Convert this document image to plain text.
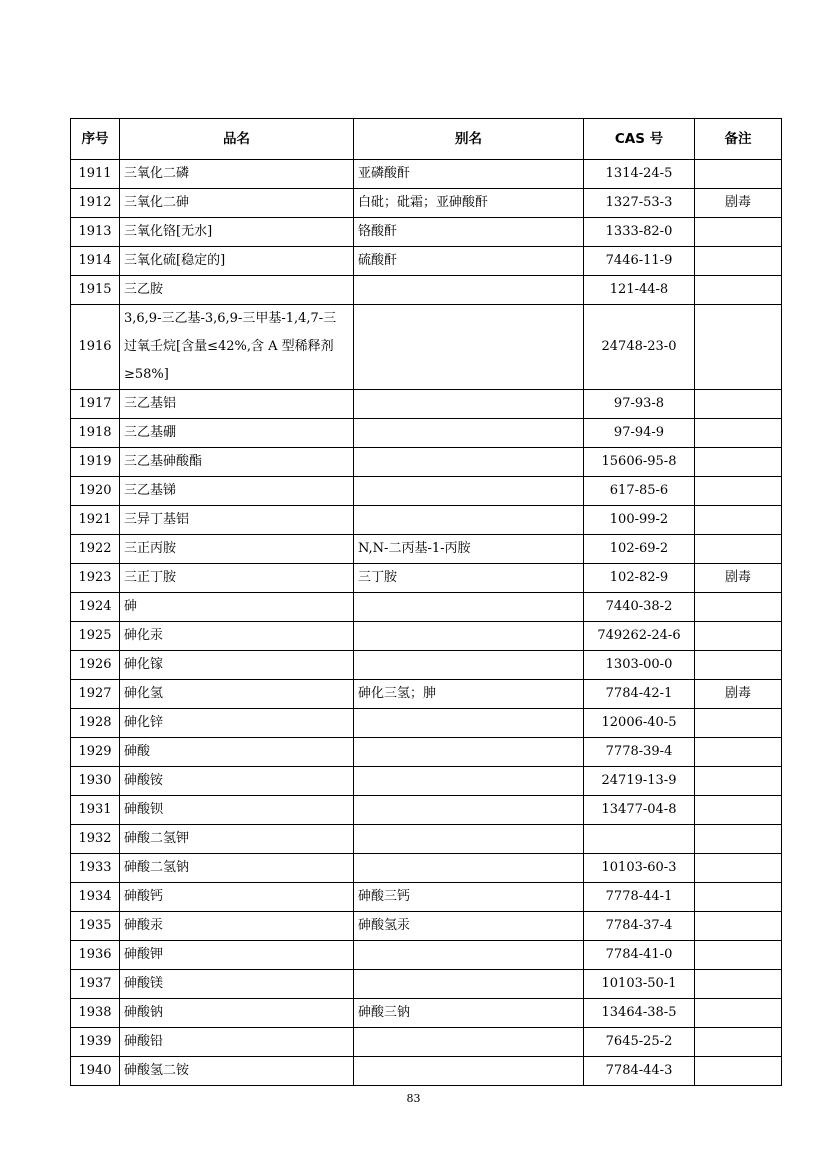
序号	品名	别名	CAS 号	备注
1911	三氧化二磷	亚磷酸酐	1314-24-5	
1912	三氧化二砷	白砒；砒霜；亚砷酸酐	1327-53-3	剧毒
1913	三氧化铬[无水]	铬酸酐	1333-82-0	
1914	三氧化硫[稳定的]	硫酸酐	7446-11-9	
1915	三乙胺		121-44-8	
1916	3,6,9-三乙基-3,6,9-三甲基-1,4,7-三
过氧壬烷[含量≤42%,含 A 型稀释剂
≥58%]		24748-23-0	
1917	三乙基铝		97-93-8	
1918	三乙基硼		97-94-9	
1919	三乙基砷酸酯		15606-95-8	
1920	三乙基锑		617-85-6	
1921	三异丁基铝		100-99-2	
1922	三正丙胺	N,N-二丙基-1-丙胺	102-69-2	
1923	三正丁胺	三丁胺	102-82-9	剧毒
1924	砷		7440-38-2	
1925	砷化汞		749262-24-6	
1926	砷化镓		1303-00-0	
1927	砷化氢	砷化三氢；胂	7784-42-1	剧毒
1928	砷化锌		12006-40-5	
1929	砷酸		7778-39-4	
1930	砷酸铵		24719-13-9	
1931	砷酸钡		13477-04-8	
1932	砷酸二氢钾			
1933	砷酸二氢钠		10103-60-3	
1934	砷酸钙	砷酸三钙	7778-44-1	
1935	砷酸汞	砷酸氢汞	7784-37-4	
1936	砷酸钾		7784-41-0	
1937	砷酸镁		10103-50-1	
1938	砷酸钠	砷酸三钠	13464-38-5	
1939	砷酸铅		7645-25-2	
1940	砷酸氢二铵		7784-44-3	
83
